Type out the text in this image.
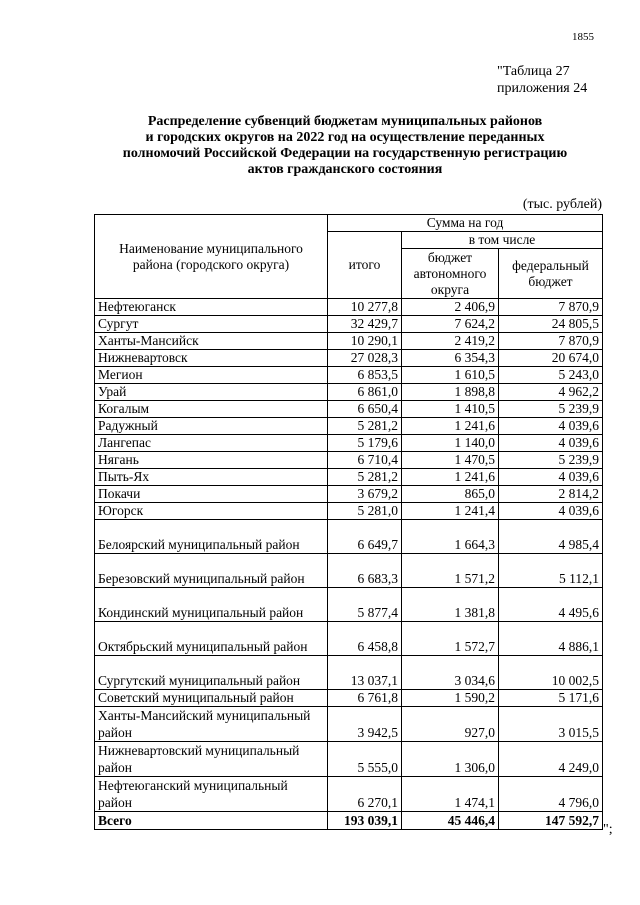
1855
"Таблица 27
приложения 24
Распределение субвенций бюджетам муниципальных районов
и городских округов на 2022 год на осуществление переданных
полномочий Российской Федерации на государственную регистрацию
актов гражданского состояния
(тыс. рублей)
Наименование муниципального района (городского округа)	Сумма на год		
	итого	в том числе	
		бюджет автономного округа	федеральный бюджет
Нефтеюганск	10 277,8	2 406,9	7 870,9
Сургут	32 429,7	7 624,2	24 805,5
Ханты-Мансийск	10 290,1	2 419,2	7 870,9
Нижневартовск	27 028,3	6 354,3	20 674,0
Мегион	6 853,5	1 610,5	5 243,0
Урай	6 861,0	1 898,8	4 962,2
Когалым	6 650,4	1 410,5	5 239,9
Радужный	5 281,2	1 241,6	4 039,6
Лангепас	5 179,6	1 140,0	4 039,6
Нягань	6 710,4	1 470,5	5 239,9
Пыть-Ях	5 281,2	1 241,6	4 039,6
Покачи	3 679,2	865,0	2 814,2
Югорск	5 281,0	1 241,4	4 039,6
Белоярский муниципальный район	6 649,7	1 664,3	4 985,4
Березовский муниципальный район	6 683,3	1 571,2	5 112,1
Кондинский муниципальный район	5 877,4	1 381,8	4 495,6
Октябрьский муниципальный район	6 458,8	1 572,7	4 886,1
Сургутский муниципальный район	13 037,1	3 034,6	10 002,5
Советский муниципальный район	6 761,8	1 590,2	5 171,6
Ханты-Мансийский муниципальный район	3 942,5	927,0	3 015,5
Нижневартовский муниципальный район	5 555,0	1 306,0	4 249,0
Нефтеюганский муниципальный район	6 270,1	1 474,1	4 796,0
Всего	193 039,1	45 446,4	147 592,7
";
